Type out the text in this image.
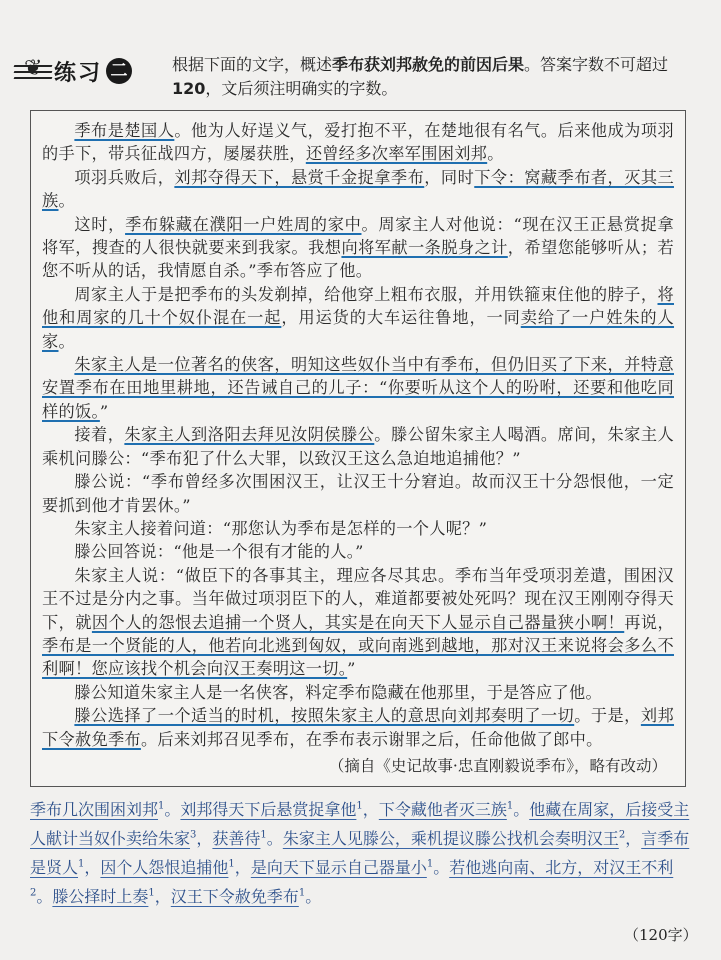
❦ 练习 二	根据下面的文字，概述季布获刘邦赦免的前因后果。答案字数不可超过 120，文后须注明确实的字数。

季布是楚国人。他为人好逞义气，爱打抱不平，在楚地很有名气。后来他成为项羽的手下，带兵征战四方，屡屡获胜，还曾经多次率军围困刘邦。

项羽兵败后，刘邦夺得天下，悬赏千金捉拿季布，同时下令：窝藏季布者，灭其三族。

这时，季布躲藏在濮阳一户姓周的家中。周家主人对他说：“现在汉王正悬赏捉拿将军，搜查的人很快就要来到我家。我想向将军献一条脱身之计，希望您能够听从；若您不听从的话，我情愿自杀。”季布答应了他。

周家主人于是把季布的头发剃掉，给他穿上粗布衣服，并用铁箍束住他的脖子，将他和周家的几十个奴仆混在一起，用运货的大车运往鲁地，一同卖给了一户姓朱的人家。

朱家主人是一位著名的侠客，明知这些奴仆当中有季布，但仍旧买了下来，并特意安置季布在田地里耕地，还告诫自己的儿子：“你要听从这个人的吩咐，还要和他吃同样的饭。”

接着，朱家主人到洛阳去拜见汝阴侯滕公。滕公留朱家主人喝酒。席间，朱家主人乘机问滕公：“季布犯了什么大罪，以致汉王这么急迫地追捕他？”

滕公说：“季布曾经多次围困汉王，让汉王十分窘迫。故而汉王十分怨恨他，一定要抓到他才肯罢休。”

朱家主人接着问道：“那您认为季布是怎样的一个人呢？”

滕公回答说：“他是一个很有才能的人。”

朱家主人说：“做臣下的各事其主，理应各尽其忠。季布当年受项羽差遣，围困汉王不过是分内之事。当年做过项羽臣下的人，难道都要被处死吗？现在汉王刚刚夺得天下，就因个人的怨恨去追捕一个贤人，其实是在向天下人显示自己器量狭小啊！再说，季布是一个贤能的人，他若向北逃到匈奴，或向南逃到越地，那对汉王来说将会多么不利啊！您应该找个机会向汉王奏明这一切。”

滕公知道朱家主人是一名侠客，料定季布隐藏在他那里，于是答应了他。

滕公选择了一个适当的时机，按照朱家主人的意思向刘邦奏明了一切。于是，刘邦下令赦免季布。后来刘邦召见季布，在季布表示谢罪之后，任命他做了郎中。

（摘自《史记故事·忠直刚毅说季布》，略有改动）
季布几次围困刘邦$^1$。刘邦得天下后悬赏捉拿他$^1$，下令藏他者灭三族$^1$。他藏在周家，后接受主人献计当奴仆卖给朱家$^3$，获善待$^1$。朱家主人见滕公，乘机提议滕公找机会奏明汉王$^2$，言季布是贤人$^1$，因个人怨恨追捕他$^1$，是向天下显示自己器量小$^1$。若他逃向南、北方，对汉王不利$^2$。滕公择时上奏$^1$，汉王下令赦免季布$^1$。
（120字）
